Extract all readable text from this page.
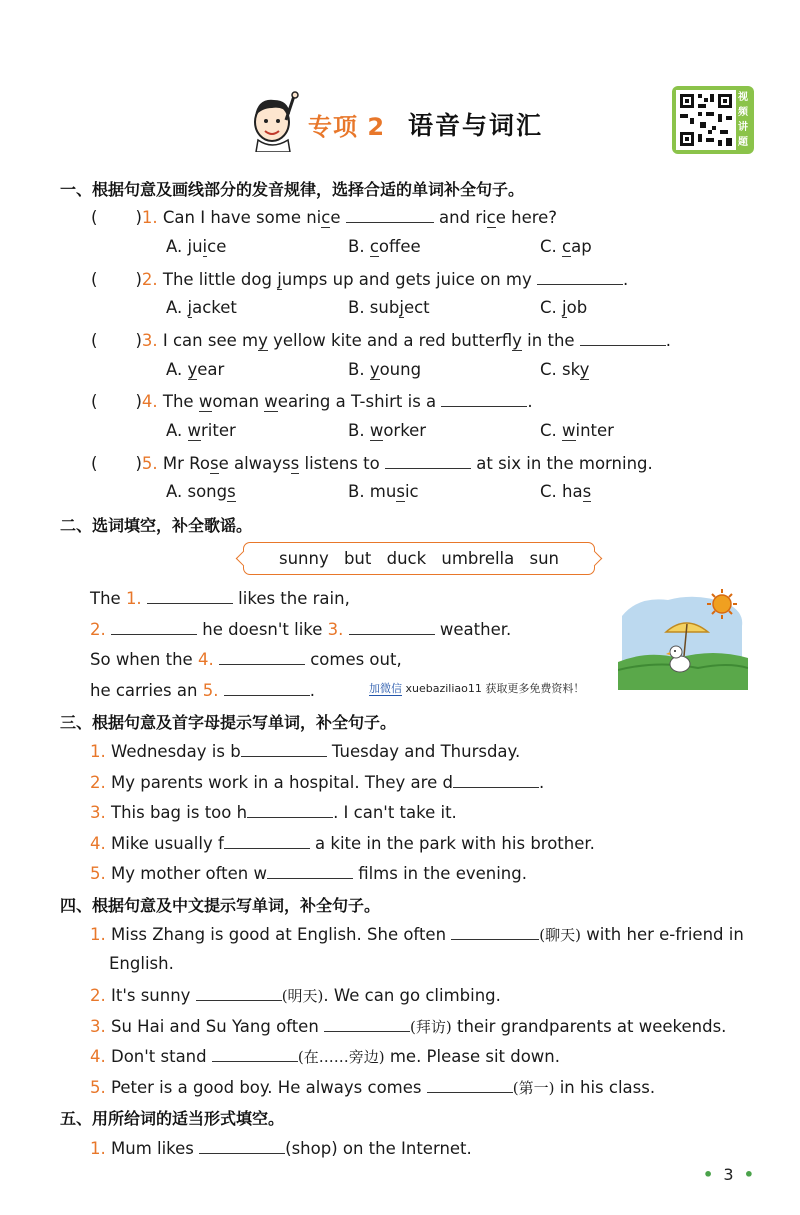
专项 2 语音与词汇
视频讲题
一、根据句意及画线部分的发音规律，选择合适的单词补全句子。
( )1. Can I have some nice	and rice here?
A. juice	B. coffee	C. cap
( )2. The little dog jumps up and gets juice on my	.
A. jacket	B. subject	C. job
( )3. I can see my yellow kite and a red butterfly in the	.
A. year	B. young	C. sky
( )4. The woman wearing a T-shirt is a	.
A. writer	B. worker	C. winter
( )5. Mr Rose alwayss listens to	at six in the morning.
A. songs	B. music	C. has
二、选词填空，补全歌谣。
sunny but duck umbrella sun
The 1.	likes the rain,
2.	he doesn't like 3.	weather.
So when the 4.	comes out,
he carries an 5.	.	加微信 xuebaziliao11 获取更多免费资料！
三、根据句意及首字母提示写单词，补全句子。
1. Wednesday is b	Tuesday and Thursday.
2. My parents work in a hospital. They are d	.
3. This bag is too h	. I can't take it.
4. Mike usually f	a kite in the park with his brother.
5. My mother often w	films in the evening.
四、根据句意及中文提示写单词，补全句子。
1. Miss Zhang is good at English. She often	(聊天) with her e-friend in
English.
2. It's sunny	(明天). We can go climbing.
3. Su Hai and Su Yang often	(拜访) their grandparents at weekends.
4. Don't stand	(在……旁边) me. Please sit down.
5. Peter is a good boy. He always comes	(第一) in his class.
五、用所给词的适当形式填空。
1. Mum likes	(shop) on the Internet.
• 3 •
